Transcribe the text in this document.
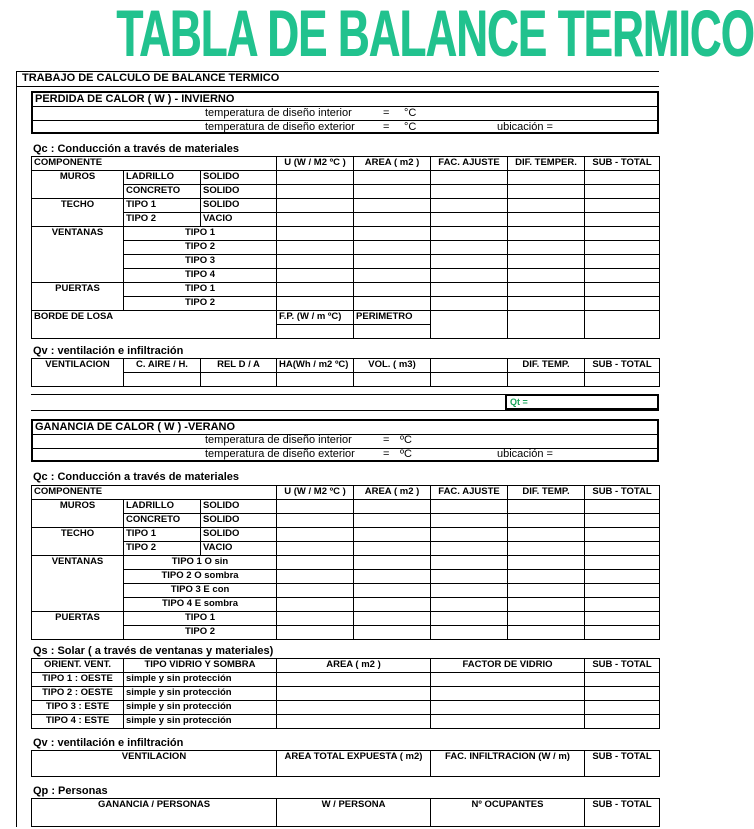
TABLA DE BALANCE TERMICO
TRABAJO DE CALCULO DE BALANCE TERMICO
PERDIDA DE CALOR ( W ) - INVIERNO
temperatura de diseño interior	= °C
temperatura de diseño exterior	= °C	ubicación =
Qc : Conducción a través de materiales
COMPONENTE			U (W / M2 ºC )	AREA ( m2 )	FAC. AJUSTE	DIF. TEMPER.	SUB - TOTAL
MUROS	LADRILLO	SOLIDO					
	CONCRETO	SOLIDO					
TECHO	TIPO 1	SOLIDO					
	TIPO 2	VACIO					
VENTANAS	TIPO 1						
	TIPO 2						
	TIPO 3						
	TIPO 4						
PUERTAS	TIPO 1						
	TIPO 2						
BORDE DE LOSA			F.P. (W / m ºC)	PERIMETRO			

Qv : ventilación e infiltración
VENTILACION	C. AIRE / H.	REL D / A	HA(Wh / m2 ºC)	VOL. ( m3)		DIF. TEMP.	SUB - TOTAL

Qt =
GANANCIA DE CALOR ( W ) -VERANO
temperatura de diseño interior	= ºC
temperatura de diseño exterior	= ºC	ubicación =
Qc : Conducción a través de materiales
COMPONENTE			U (W / M2 ºC )	AREA ( m2 )	FAC. AJUSTE	DIF. TEMP.	SUB - TOTAL
MUROS	LADRILLO	SOLIDO					
	CONCRETO	SOLIDO					
TECHO	TIPO 1	SOLIDO					
	TIPO 2	VACIO					
VENTANAS	TIPO 1 O sin						
	TIPO 2 O sombra						
	TIPO 3 E con						
	TIPO 4 E sombra						
PUERTAS	TIPO 1						
	TIPO 2						
Qs : Solar ( a través de ventanas y materiales)
ORIENT. VENT.	TIPO VIDRIO Y SOMBRA	AREA ( m2 )	FACTOR DE VIDRIO	SUB - TOTAL
TIPO 1 : OESTE	simple y sin protección			
TIPO 2 : OESTE	simple y sin protección			
TIPO 3 : ESTE	simple y sin protección			
TIPO 4 : ESTE	simple y sin protección			
Qv : ventilación e infiltración
VENTILACION	AREA TOTAL EXPUESTA ( m2)	FAC. INFILTRACION (W / m)	SUB - TOTAL
Qp : Personas
GANANCIA / PERSONAS	W / PERSONA	Nº OCUPANTES	SUB - TOTAL
